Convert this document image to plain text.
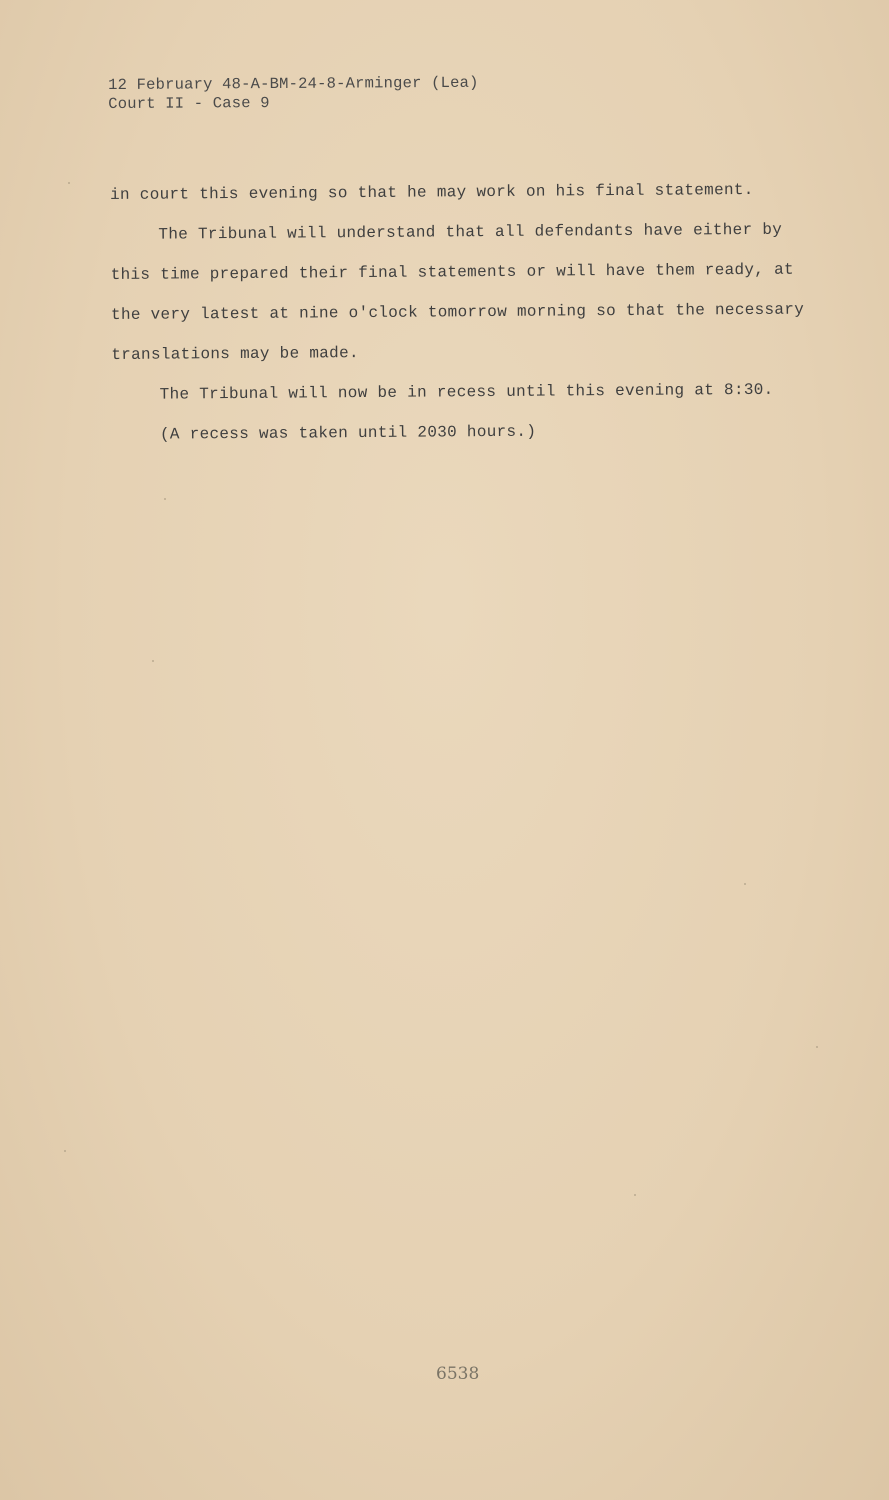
12 February 48-A-BM-24-8-Arminger (Lea)
Court II - Case 9
in court this evening so that he may work on his final statement.
The Tribunal will understand that all defendants have either by
this time prepared their final statements or will have them ready, at
the very latest at nine o'clock tomorrow morning so that the necessary
translations may be made.
The Tribunal will now be in recess until this evening at 8:30.
(A recess was taken until 2030 hours.)
6538
